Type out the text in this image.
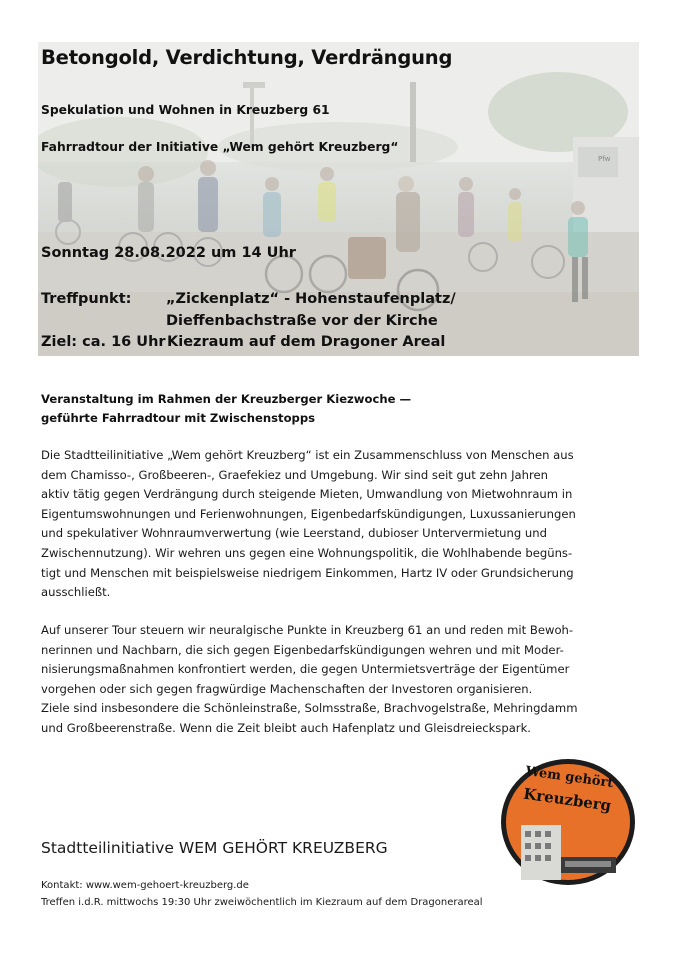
Pfw
Betongold, Verdichtung, Verdrängung
Spekulation und Wohnen in Kreuzberg 61
Fahrradtour der Initiative „Wem gehört Kreuzberg“
Sonntag 28.08.2022 um 14 Uhr
Treffpunkt: „Zickenplatz“ - Hohenstaufenplatz/
Dieffenbachstraße vor der Kirche
Ziel: ca. 16 Uhr Kiezraum auf dem Dragoner Areal
Veranstaltung im Rahmen der Kreuzberger Kiezwoche —
geführte Fahrradtour mit Zwischenstopps
Die Stadtteilinitiative „Wem gehört Kreuzberg“ ist ein Zusammenschluss von Menschen aus
dem Chamisso-, Großbeeren-, Graefekiez und Umgebung. Wir sind seit gut zehn Jahren
aktiv tätig gegen Verdrängung durch steigende Mieten, Umwandlung von Mietwohnraum in
Eigentumswohnungen und Ferienwohnungen, Eigenbedarfskündigungen, Luxussanierungen
und spekulativer Wohnraumverwertung (wie Leerstand, dubioser Untervermietung und
Zwischennutzung). Wir wehren uns gegen eine Wohnungspolitik, die Wohlhabende begüns-
tigt und Menschen mit beispielsweise niedrigem Einkommen, Hartz IV oder Grundsicherung
ausschließt.
Auf unserer Tour steuern wir neuralgische Punkte in Kreuzberg 61 an und reden mit Bewoh-
nerinnen und Nachbarn, die sich gegen Eigenbedarfskündigungen wehren und mit Moder-
nisierungsmaßnahmen konfrontiert werden, die gegen Untermietsverträge der Eigentümer
vorgehen oder sich gegen fragwürdige Machenschaften der Investoren organisieren.
Ziele sind insbesondere die Schönleinstraße, Solmsstraße, Brachvogelstraße, Mehringdamm
und Großbeerenstraße. Wenn die Zeit bleibt auch Hafenplatz und Gleisdreieckspark.
Wem gehört
Kreuzberg
Stadtteilinitiative WEM GEHÖRT KREUZBERG
Kontakt: www.wem-gehoert-kreuzberg.de
Treffen i.d.R. mittwochs 19:30 Uhr zweiwöchentlich im Kiezraum auf dem Dragonerareal
